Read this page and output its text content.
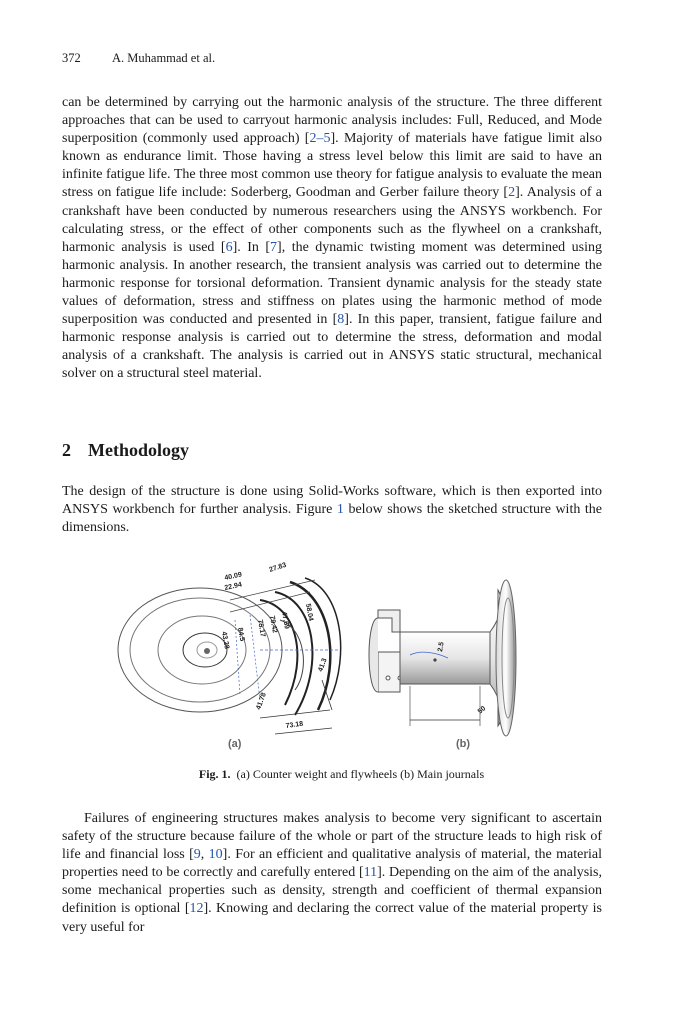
372	A. Muhammad et al.

can be determined by carrying out the harmonic analysis of the structure. The three different approaches that can be used to carryout harmonic analysis includes: Full, Reduced, and Mode superposition (commonly used approach) [2–5]. Majority of materials have fatigue limit also known as endurance limit. Those having a stress level below this limit are said to have an infinite fatigue life. The three most common use theory for fatigue analysis to evaluate the mean stress on fatigue life include: Soderberg, Goodman and Gerber failure theory [2]. Analysis of a crankshaft have been conducted by numerous researchers using the ANSYS workbench. For calculating stress, or the effect of other components such as the flywheel on a crankshaft, harmonic analysis is used [6]. In [7], the dynamic twisting moment was determined using harmonic analysis. In another research, the transient analysis was carried out to determine the harmonic response for torsional deformation. Transient dynamic analysis for the steady state values of deformation, stress and stiffness on plates using the harmonic method of mode superposition was conducted and presented in [8]. In this paper, transient, fatigue failure and harmonic response analysis is carried out to determine the stress, deformation and modal analysis of a crankshaft. The analysis is carried out in ANSYS static structural, mechanical solver on a structural steel material.

2 Methodology

The design of the structure is done using Solid-Works software, which is then exported into ANSYS workbench for further analysis. Figure 1 below shows the sketched structure with the dimensions.

40.09
22.94
27.83
43.28 84.5 75.17 79.42 47.69 58.04
41.3
41.78
73.18
2.5
50
(a)	(b)
Fig. 1. (a) Counter weight and flywheels (b) Main journals

Failures of engineering structures makes analysis to become very significant to ascertain safety of the structure because failure of the whole or part of the structure leads to high risk of life and financial loss [9, 10]. For an efficient and qualitative analysis of material, the material properties need to be correctly and carefully entered [11]. Depending on the aim of the analysis, some mechanical properties such as density, strength and coefficient of thermal expansion definition is optional [12]. Knowing and declaring the correct value of the material property is very useful for
